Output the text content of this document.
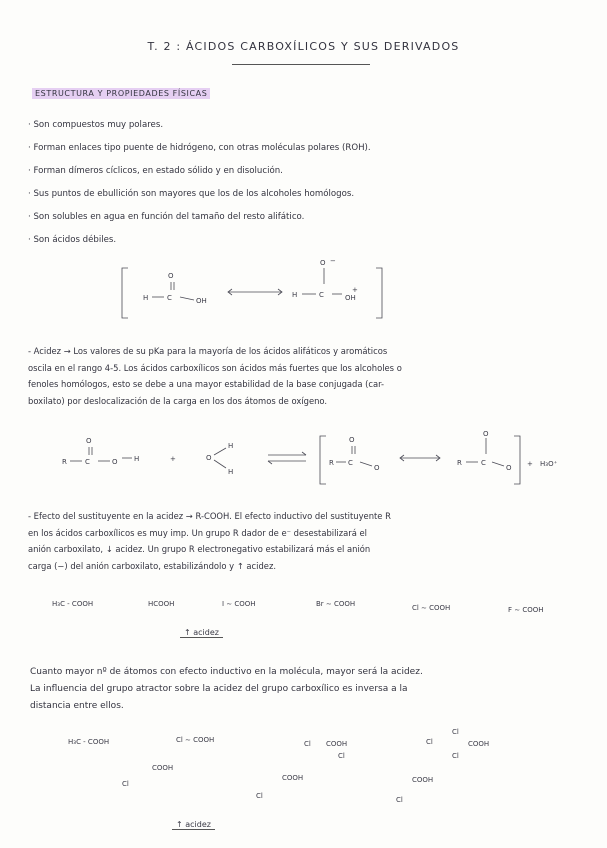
T. 2 : ÁCIDOS CARBOXÍLICOS Y SUS DERIVADOS
ESTRUCTURA Y PROPIEDADES FÍSICAS
· Son compuestos muy polares.
· Forman enlaces tipo puente de hidrógeno, con otras moléculas polares (ROH).
· Forman dímeros cíclicos, en estado sólido y en disolución.
· Sus puntos de ebullición son mayores que los de los alcoholes homólogos.
· Son solubles en agua en función del tamaño del resto alifático.
· Son ácidos débiles.
O
H	C	OH
O
H	C	OH
−
+
O
R	C	O H	+	O
H
H
O
R C
O
O
R	C
O + H₃O⁺
- Acidez → Los valores de su pKa para la mayoría de los ácidos alifáticos y aromáticos
oscila en el rango 4-5. Los ácidos carboxílicos son ácidos más fuertes que los alcoholes o
fenoles homólogos, esto se debe a una mayor estabilidad de la base conjugada (car-
boxilato) por deslocalización de la carga en los dos átomos de oxígeno.
- Efecto del sustituyente en la acidez → R-COOH. El efecto inductivo del sustituyente R
en los ácidos carboxílicos es muy imp. Un grupo R dador de e⁻ desestabilizará el
anión carboxilato, ↓ acidez. Un grupo R electronegativo estabilizará más el anión
carga (−) del anión carboxilato, estabilizándolo y ↑ acidez.
H₃C - COOH	HCOOH	I ∼ COOH	Br ∼ COOH	Cl ∼ COOH	F ∼ COOH
↑ acidez
Cuanto mayor nº de átomos con efecto inductivo en la molécula, mayor será la acidez.
La influencia del grupo atractor sobre la acidez del grupo carboxílico es inversa a la
distancia entre ellos.
H₃C - COOH	Cl ∼ COOH	Cl COOH
Cl
Cl	COOH
Cl
Cl
Cl
COOH
COOH
Cl
COOH
Cl
↑ acidez
